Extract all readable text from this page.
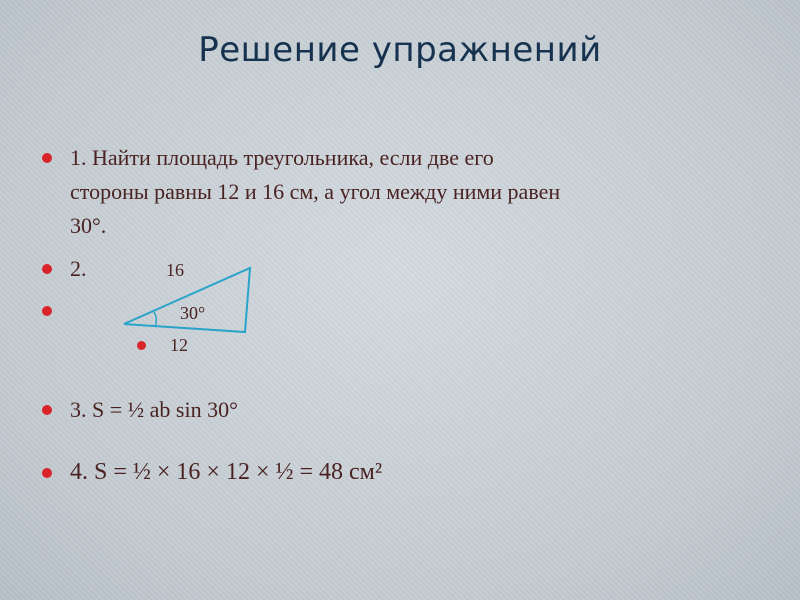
Решение упражнений
1. Найти площадь треугольника, если две его
стороны равны 12 и 16 см, а угол между ними равен
30°.
2.	16
30°
12
3. S = ½ ab sin 30°
4. S = ½ × 16 × 12 × ½ = 48 см²
